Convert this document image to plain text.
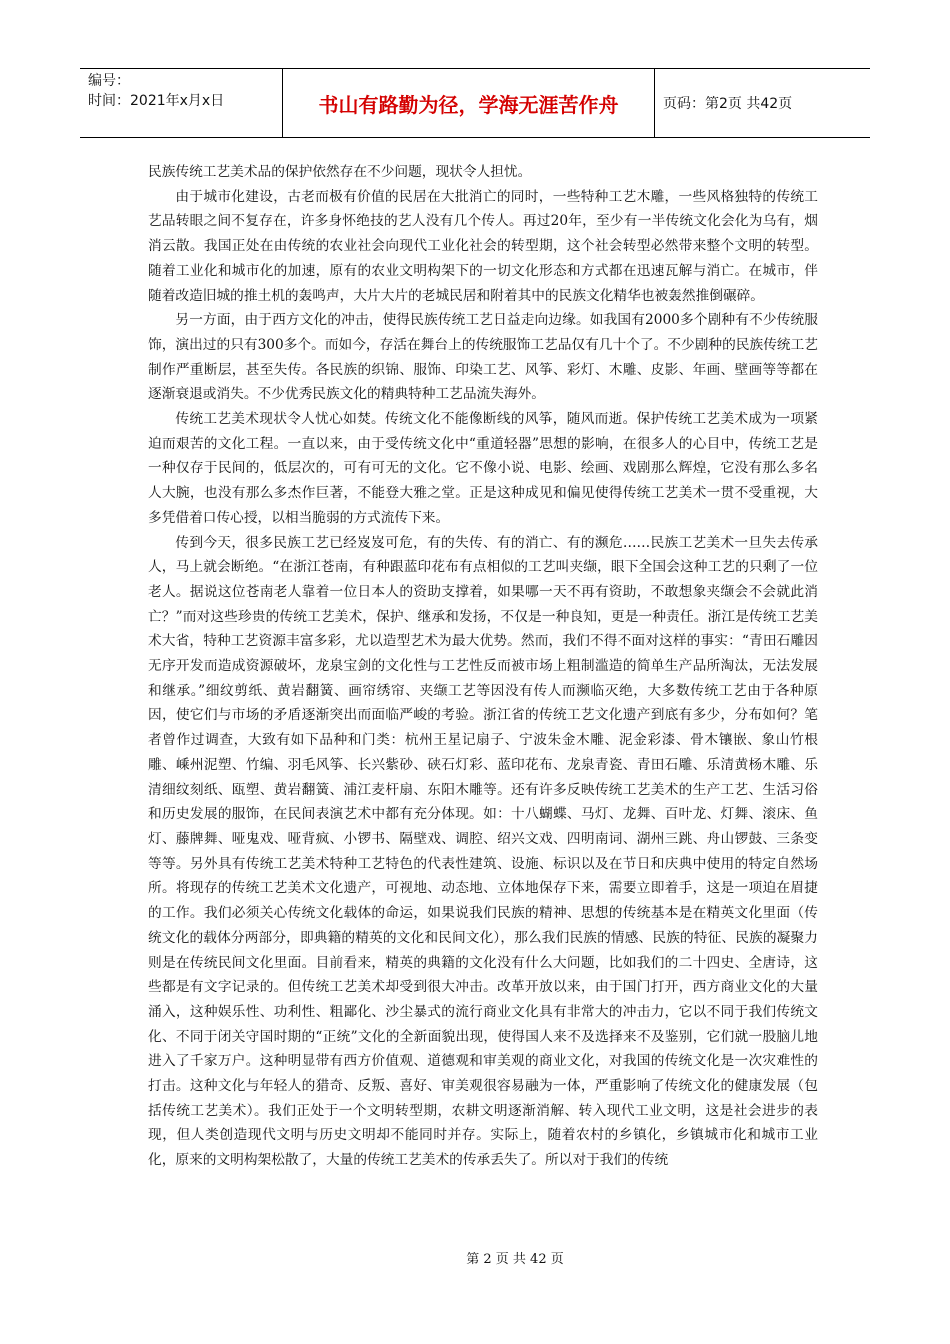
编号：
时间：2021年x月x日	书山有路勤为径，学海无涯苦作舟	页码：第2页 共42页

民族传统工艺美术品的保护依然存在不少问题，现状令人担忧。

由于城市化建设，古老而极有价值的民居在大批消亡的同时，一些特种工艺木雕，一些风格独特的传统工艺品转眼之间不复存在，许多身怀绝技的艺人没有几个传人。再过20年，至少有一半传统文化会化为乌有，烟消云散。我国正处在由传统的农业社会向现代工业化社会的转型期，这个社会转型必然带来整个文明的转型。随着工业化和城市化的加速，原有的农业文明构架下的一切文化形态和方式都在迅速瓦解与消亡。在城市，伴随着改造旧城的推土机的轰鸣声，大片大片的老城民居和附着其中的民族文化精华也被轰然推倒碾碎。

另一方面，由于西方文化的冲击，使得民族传统工艺日益走向边缘。如我国有2000多个剧种有不少传统服饰，演出过的只有300多个。而如今，存活在舞台上的传统服饰工艺品仅有几十个了。不少剧种的民族传统工艺制作严重断层，甚至失传。各民族的织锦、服饰、印染工艺、风筝、彩灯、木雕、皮影、年画、壁画等等都在逐渐衰退或消失。不少优秀民族文化的精典特种工艺品流失海外。

传统工艺美术现状令人忧心如焚。传统文化不能像断线的风筝，随风而逝。保护传统工艺美术成为一项紧迫而艰苦的文化工程。一直以来，由于受传统文化中“重道轻器”思想的影响，在很多人的心目中，传统工艺是一种仅存于民间的，低层次的，可有可无的文化。它不像小说、电影、绘画、戏剧那么辉煌，它没有那么多名人大腕，也没有那么多杰作巨著，不能登大雅之堂。正是这种成见和偏见使得传统工艺美术一贯不受重视，大多凭借着口传心授，以相当脆弱的方式流传下来。

传到今天，很多民族工艺已经岌岌可危，有的失传、有的消亡、有的濒危……民族工艺美术一旦失去传承人，马上就会断绝。“在浙江苍南，有种跟蓝印花布有点相似的工艺叫夹缬，眼下全国会这种工艺的只剩了一位老人。据说这位苍南老人靠着一位日本人的资助支撑着，如果哪一天不再有资助，不敢想象夹缬会不会就此消亡？”而对这些珍贵的传统工艺美术，保护、继承和发扬，不仅是一种良知，更是一种责任。浙江是传统工艺美术大省，特种工艺资源丰富多彩，尤以造型艺术为最大优势。然而，我们不得不面对这样的事实：“青田石雕因无序开发而造成资源破坏，龙泉宝剑的文化性与工艺性反而被市场上粗制滥造的简单生产品所淘汰，无法发展和继承。”细纹剪纸、黄岩翻簧、画帘绣帘、夹缬工艺等因没有传人而濒临灭绝，大多数传统工艺由于各种原因，使它们与市场的矛盾逐渐突出而面临严峻的考验。浙江省的传统工艺文化遗产到底有多少，分布如何？笔者曾作过调查，大致有如下品种和门类：杭州王星记扇子、宁波朱金木雕、泥金彩漆、骨木镶嵌、象山竹根雕、嵊州泥塑、竹编、羽毛风筝、长兴紫砂、硖石灯彩、蓝印花布、龙泉青瓷、青田石雕、乐清黄杨木雕、乐清细纹刻纸、瓯塑、黄岩翻簧、浦江麦杆扇、东阳木雕等。还有许多反映传统工艺美术的生产工艺、生活习俗和历史发展的服饰，在民间表演艺术中都有充分体现。如：十八蝴蝶、马灯、龙舞、百叶龙、灯舞、滚床、鱼灯、藤牌舞、哑鬼戏、哑背疯、小锣书、隔壁戏、调腔、绍兴文戏、四明南词、湖州三跳、舟山锣鼓、三条变等等。另外具有传统工艺美术特种工艺特色的代表性建筑、设施、标识以及在节日和庆典中使用的特定自然场所。将现存的传统工艺美术文化遗产，可视地、动态地、立体地保存下来，需要立即着手，这是一项迫在眉捷的工作。我们必须关心传统文化载体的命运，如果说我们民族的精神、思想的传统基本是在精英文化里面（传统文化的载体分两部分，即典籍的精英的文化和民间文化），那么我们民族的情感、民族的特征、民族的凝聚力则是在传统民间文化里面。目前看来，精英的典籍的文化没有什么大问题，比如我们的二十四史、全唐诗，这些都是有文字记录的。但传统工艺美术却受到很大冲击。改革开放以来，由于国门打开，西方商业文化的大量涌入，这种娱乐性、功利性、粗鄙化、沙尘暴式的流行商业文化具有非常大的冲击力，它以不同于我们传统文化、不同于闭关守国时期的“正统”文化的全新面貌出现，使得国人来不及选择来不及鉴别，它们就一股脑儿地进入了千家万户。这种明显带有西方价值观、道德观和审美观的商业文化，对我国的传统文化是一次灾难性的打击。这种文化与年轻人的猎奇、反叛、喜好、审美观很容易融为一体，严重影响了传统文化的健康发展（包括传统工艺美术）。我们正处于一个文明转型期，农耕文明逐渐消解、转入现代工业文明，这是社会进步的表现，但人类创造现代文明与历史文明却不能同时并存。实际上，随着农村的乡镇化，乡镇城市化和城市工业化，原来的文明构架松散了，大量的传统工艺美术的传承丢失了。所以对于我们的传统

第 2 页 共 42 页
